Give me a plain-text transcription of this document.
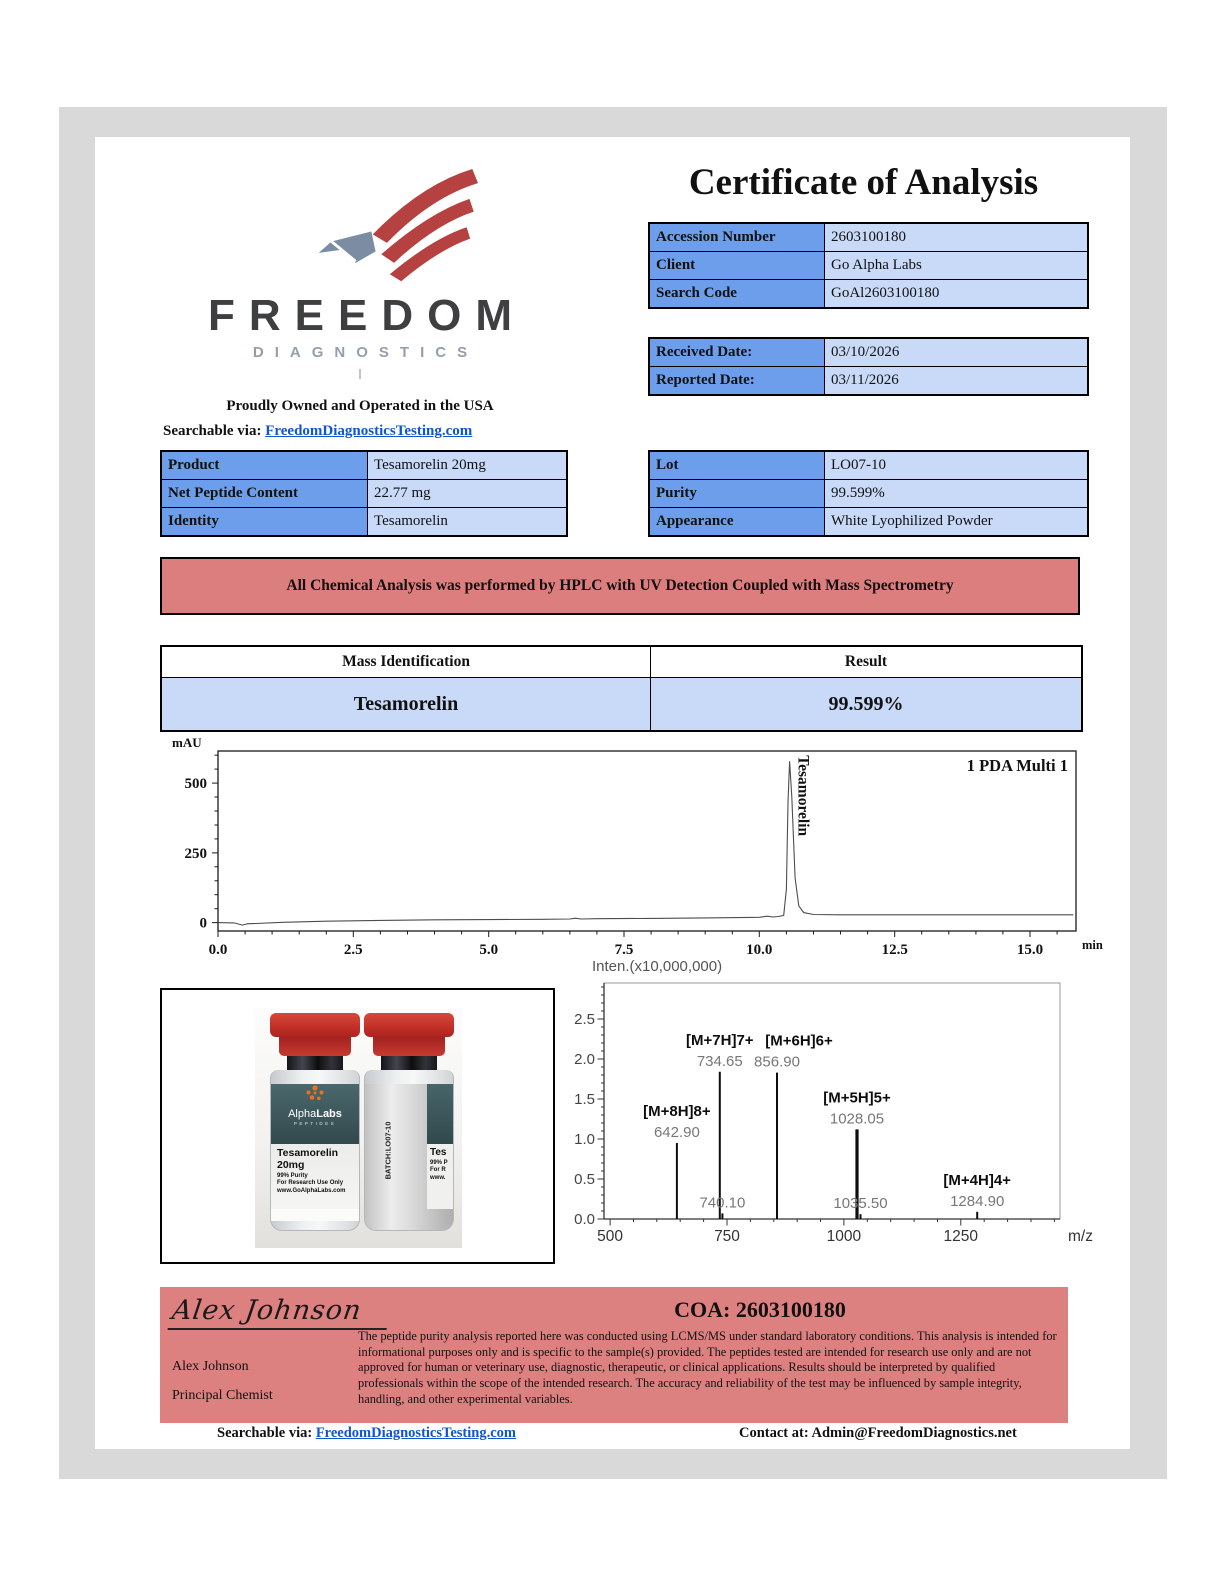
FREEDOM
DIAGNOSTICS
Proudly Owned and Operated in the USA
Searchable via: FreedomDiagnosticsTesting.com
Certificate of Analysis
Accession Number	2603100180
Client	Go Alpha Labs
Search Code	GoAl2603100180
Received Date:	03/10/2026
Reported Date:	03/11/2026
Product	Tesamorelin 20mg
Net Peptide Content	22.77 mg
Identity	Tesamorelin
Lot	LO07-10
Purity	99.599%
Appearance	White Lyophilized Powder
All Chemical Analysis was performed by HPLC with UV Detection Coupled with Mass Spectrometry
Mass Identification	Result
Tesamorelin	99.599%
0.0	2.5	5.0	7.5	10.0	12.5	15.0
0
250
500
mAU
min
1 PDA Multi 1
Tesamorelin
AlphaLabs
PEPTIDES
Tesamorelin 20mg
99% Purity
For Research Use Only
www.GoAlphaLabs.com
BATCH:LO07-10	Tes
99% P
For R
www.
Inten.(x10,000,000)
0.0
0.5
1.0
1.5
2.0
2.5
500	750	1000	1250	m/z
642.90
[M+8H]8+
734.65
[M+7H]7+
740.10
856.90
[M+6H]6+
1028.05
[M+5H]5+
1035.50	1284.90
[M+4H]4+
Alex Johnson
Alex Johnson
Principal Chemist
COA: 2603100180
The peptide purity analysis reported here was conducted using LCMS/MS under standard laboratory conditions. This analysis is intended for informational purposes only and is specific to the sample(s) provided. The peptides tested are intended for research use only and are not approved for human or veterinary use, diagnostic, therapeutic, or clinical applications. Results should be interpreted by qualified professionals within the scope of the intended research. The accuracy and reliability of the test may be influenced by sample integrity, handling, and other experimental variables.
Searchable via: FreedomDiagnosticsTesting.com	Contact at: Admin@FreedomDiagnostics.net
